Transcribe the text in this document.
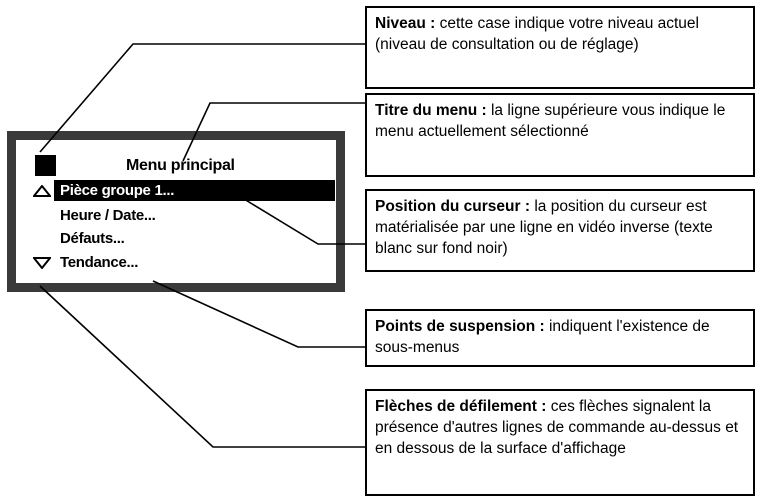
Menu principal
Pièce groupe 1...
Heure / Date...
Défauts...
Tendance...
Niveau : cette case indique votre niveau actuel (niveau de consultation ou de réglage)
Titre du menu : la ligne supérieure vous indique le menu actuellement sélectionné
Position du curseur : la position du curseur est matérialisée par une ligne en vidéo inverse (texte blanc sur fond noir)
Points de suspension : indiquent l'existence de sous-menus
Flèches de défilement : ces flèches signalent la présence d'autres lignes de commande au-dessus et en dessous de la surface d'affichage
